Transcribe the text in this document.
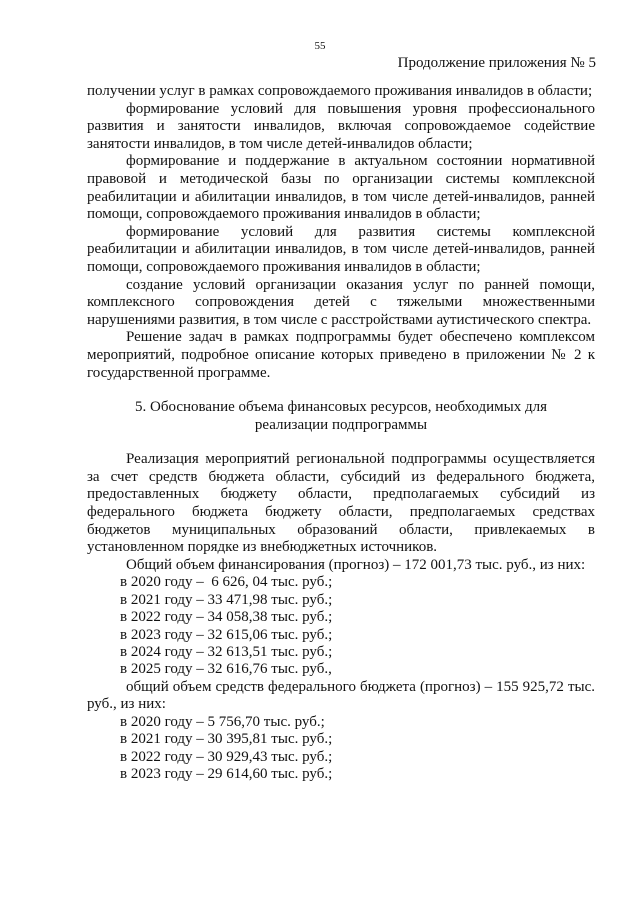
55
Продолжение приложения № 5

получении услуг в рамках сопровождаемого проживания инвалидов в области;

формирование условий для повышения уровня профессионального развития и занятости инвалидов, включая сопровождаемое содействие занятости инвалидов, в том числе детей-инвалидов области;

формирование и поддержание в актуальном состоянии нормативной правовой и методической базы по организации системы комплексной реабилитации и абилитации инвалидов, в том числе детей-инвалидов, ранней помощи, сопровождаемого проживания инвалидов в области;

формирование условий для развития системы комплексной реабилитации и абилитации инвалидов, в том числе детей-инвалидов, ранней помощи, сопровождаемого проживания инвалидов в области;

создание условий организации оказания услуг по ранней помощи, комплексного сопровождения детей с тяжелыми множественными нарушениями развития, в том числе с расстройствами аутистического спектра.

Решение задач в рамках подпрограммы будет обеспечено комплексом мероприятий, подробное описание которых приведено в приложении № 2 к государственной программе.

5. Обоснование объема финансовых ресурсов, необходимых для
реализации подпрограммы

Реализация мероприятий региональной подпрограммы осуществляется за счет средств бюджета области, субсидий из федерального бюджета, предоставленных бюджету области, предполагаемых субсидий из федерального бюджета бюджету области, предполагаемых средствах бюджетов муниципальных образований области, привлекаемых в установленном порядке из внебюджетных источников.

Общий объем финансирования (прогноз) – 172 001,73 тыс. руб., из них:

в 2020 году –  6 626, 04 тыс. руб.;
в 2021 году – 33 471,98 тыс. руб.;
в 2022 году – 34 058,38 тыс. руб.;
в 2023 году – 32 615,06 тыс. руб.;
в 2024 году – 32 613,51 тыс. руб.;
в 2025 году – 32 616,76 тыс. руб.,

общий объем средств федерального бюджета (прогноз) – 155 925,72 тыс. руб., из них:

в 2020 году – 5 756,70 тыс. руб.;
в 2021 году – 30 395,81 тыс. руб.;
в 2022 году – 30 929,43 тыс. руб.;
в 2023 году – 29 614,60 тыс. руб.;
